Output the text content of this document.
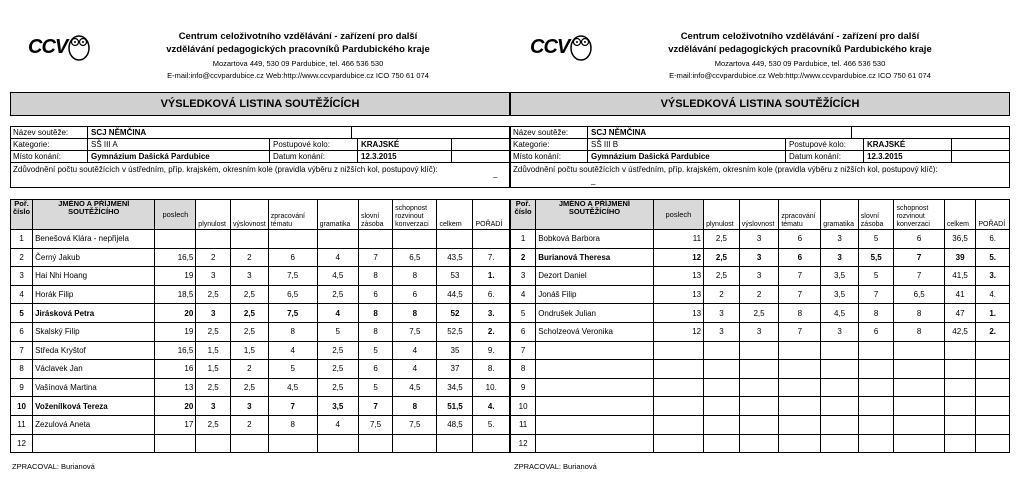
CCV	Centrum celoživotního vzdělávání - zařízení pro další
vzdělávání pedagogických pracovníků Pardubického kraje
Mozartova 449, 530 09 Pardubice, tel. 466 536 530
E-mail:info@ccvpardubice.cz Web:http://www.ccvpardubice.cz ICO 750 61 074
VÝSLEDKOVÁ LISTINA SOUTĚŽÍCÍCH
Název soutěže:	SCJ NĚMČINA
Kategorie:	SŠ III A	Postupové kolo:	KRAJSKÉ
Místo konání:	Gymnázium Dašická Pardubice	Datum konání:	12.3.2015
Zdůvodnění počtu soutěžících v ústředním, příp. krajském, okresním kole (pravidla výběru z nižších kol, postupový klíč):	_
Poř. číslo	JMÉNO A PŘÍJMENÍ SOUTĚŽÍCÍHO	poslech	plynulost	výslovnost	zpracování tématu	gramatika	slovní zásoba	schopnost rozvinout konverzaci	celkem	POŘADÍ
1	Benešová Klára - nepřijela									
2	Černý Jakub	16,5	2	2	6	4	7	6,5	43,5	7.
3	Hai Nhi Hoang	19	3	3	7,5	4,5	8	8	53	1.
4	Horák Filip	18,5	2,5	2,5	6,5	2,5	6	6	44,5	6.
5	Jirásková Petra	20	3	2,5	7,5	4	8	8	52	3.
6	Skalský Filip	19	2,5	2,5	8	5	8	7,5	52,5	2.
7	Středa Kryštof	16,5	1,5	1,5	4	2,5	5	4	35	9.
8	Václavek Jan	16	1,5	2	5	2,5	6	4	37	8.
9	Vašínová Martina	13	2,5	2,5	4,5	2,5	5	4,5	34,5	10.
10	Voženílková Tereza	20	3	3	7	3,5	7	8	51,5	4.
11	Zezulová Aneta	17	2,5	2	8	4	7,5	7,5	48,5	5.
12										
ZPRACOVAL: Burianová
CCV	Centrum celoživotního vzdělávání - zařízení pro další
vzdělávání pedagogických pracovníků Pardubického kraje
Mozartova 449, 530 09 Pardubice, tel. 466 536 530
E-mail:info@ccvpardubice.cz Web:http://www.ccvpardubice.cz ICO 750 61 074
VÝSLEDKOVÁ LISTINA SOUTĚŽÍCÍCH
Název soutěže:	SCJ NĚMČINA
Kategorie:	SŠ III B	Postupové kolo:	KRAJSKÉ
Místo konání:	Gymnázium Dašická Pardubice	Datum konání:	12.3.2015
Zdůvodnění počtu soutěžících v ústředním, příp. krajském, okresním kole (pravidla výběru z nižších kol, postupový klíč):
_
Poř. číslo	JMÉNO A PŘÍJMENÍ SOUTĚŽÍCÍHO	poslech	plynulost	výslovnost	zpracování tématu	gramatika	slovní zásoba	schopnost rozvinout konverzaci	celkem	POŘADÍ
1	Bobková Barbora	11	2,5	3	6	3	5	6	36,5	6.
2	Burianová Theresa	12	2,5	3	6	3	5,5	7	39	5.
3	Dezort Daniel	13	2,5	3	7	3,5	5	7	41,5	3.
4	Jonáš Filip	13	2	2	7	3,5	7	6,5	41	4.
5	Ondrušek Julian	13	3	2,5	8	4,5	8	8	47	1.
6	Scholzeová Veronika	12	3	3	7	3	6	8	42,5	2.
7										
8										
9										
10										
11										
12										
ZPRACOVAL: Burianová
